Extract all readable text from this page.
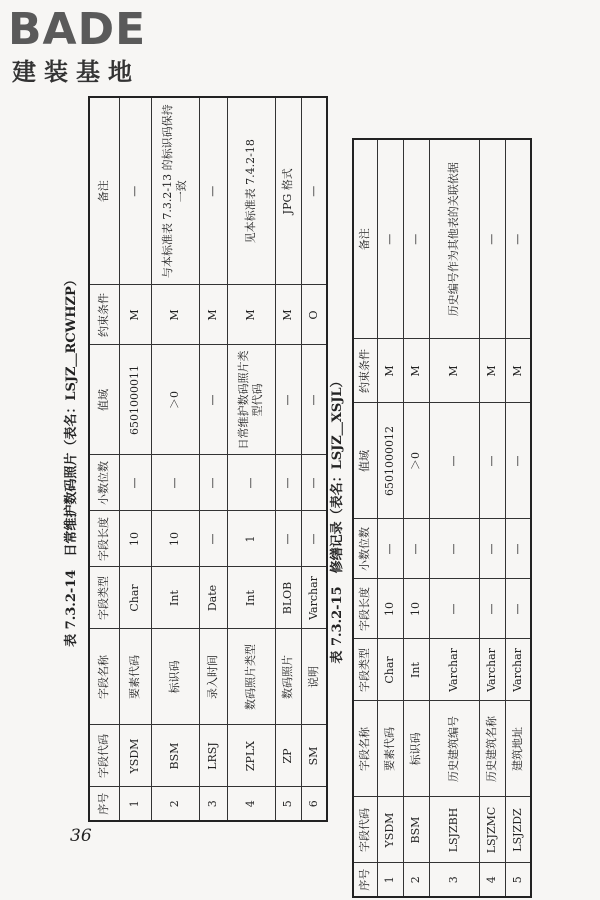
BADE
建装基地
表 7.3.2-14　日常维护数码照片（表名：LSJZ＿RCWHZP）
序号	字段代码	字段名称	字段类型	字段长度	小数位数	值域	约束条件	备注
1	YSDM	要素代码	Char	10	—	6501000011	M	—
2	BSM	标识码	Int	10	—	＞0	M	与本标准表 7.3.2-13 的标识码保持一致
3	LRSJ	录入时间	Date	—	—	—	M	—
4	ZPLX	数码照片类型	Int	1	—	日常维护数码照片类型代码	M	见本标准表 7.4.2-18
5	ZP	数码照片	BLOB	—	—	—	M	JPG 格式
6	SM	说明	Varchar	—	—	—	O	—
表 7.3.2-15　修缮记录（表名：LSJZ＿XSJL）
序号	字段代码	字段名称	字段类型	字段长度	小数位数	值域	约束条件	备注
1	YSDM	要素代码	Char	10	—	6501000012	M	—
2	BSM	标识码	Int	10	—	＞0	M	—
3	LSJZBH	历史建筑编号	Varchar	—	—	—	M	历史编号作为其他表的关联依据
4	LSJZMC	历史建筑名称	Varchar	—	—	—	M	—
5	LSJZDZ	建筑地址	Varchar	—	—	—	M	—
36
